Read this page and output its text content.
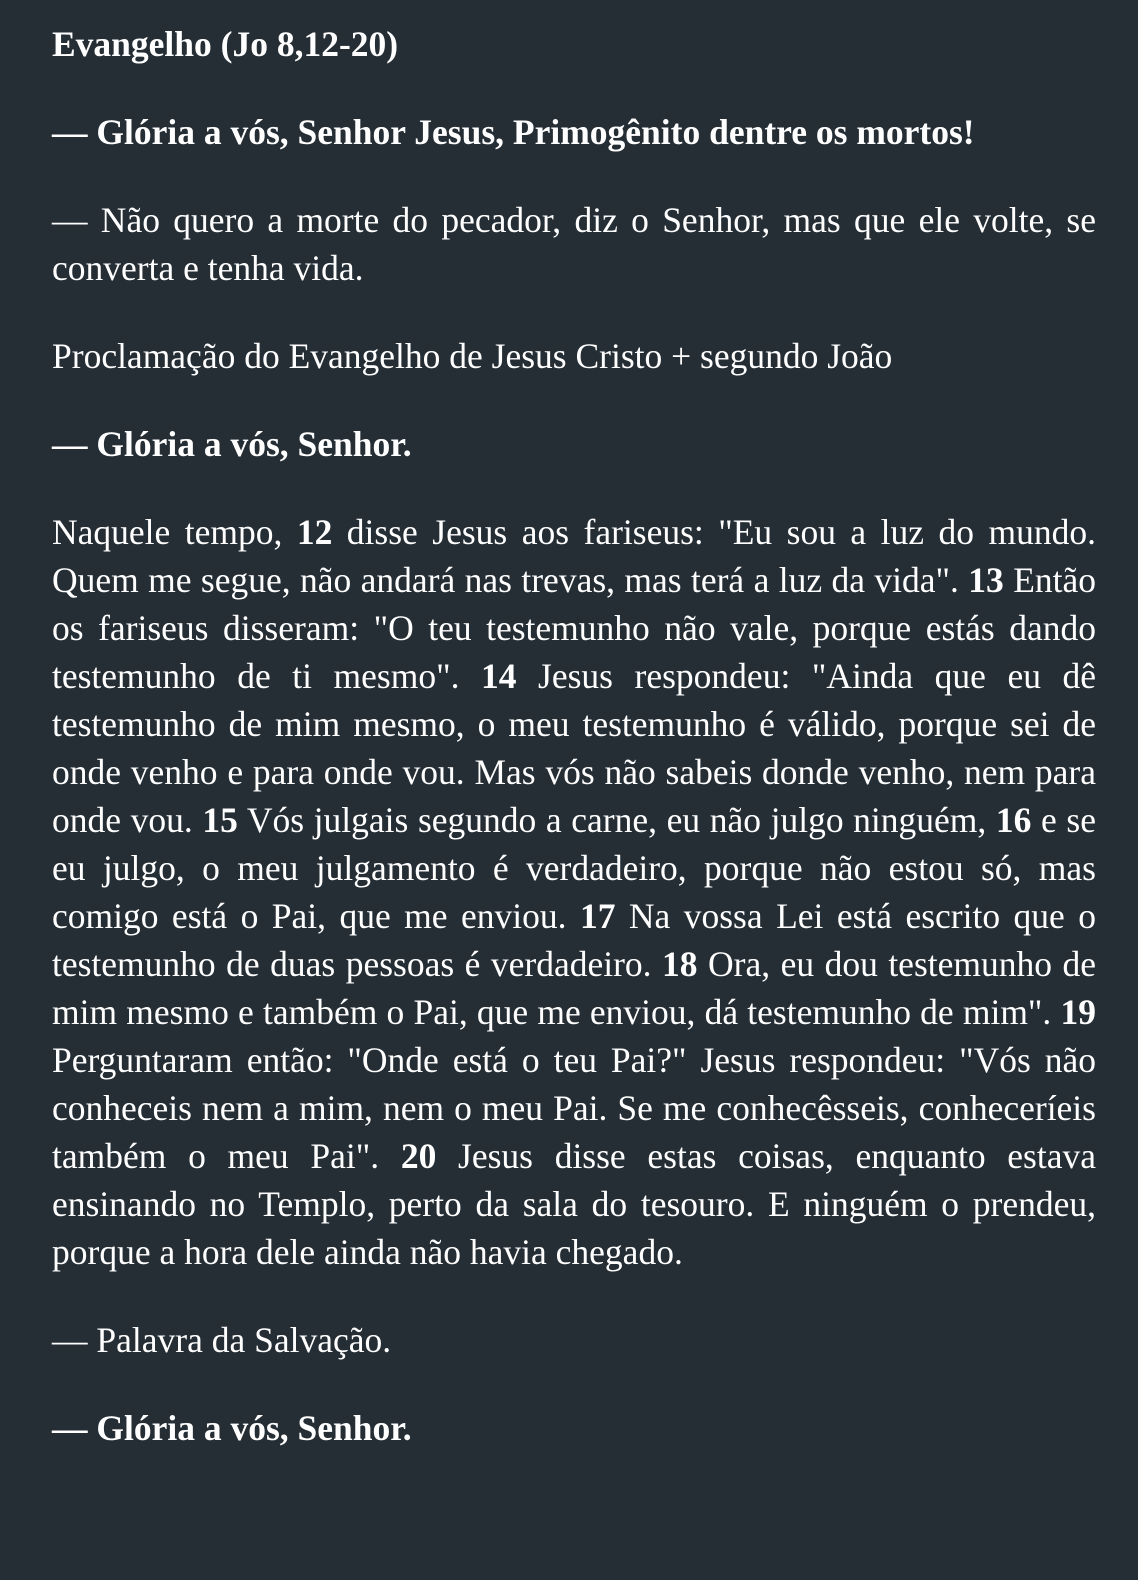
Evangelho (Jo 8,12-20)

— Glória a vós, Senhor Jesus, Primogênito dentre os mortos!

— Não quero a morte do pecador, diz o Senhor, mas que ele volte, se converta e tenha vida.

Proclamação do Evangelho de Jesus Cristo + segundo João

— Glória a vós, Senhor.

Naquele tempo, 12 disse Jesus aos fariseus: "Eu sou a luz do mundo. Quem me segue, não andará nas trevas, mas terá a luz da vida". 13 Então os fariseus disseram: "O teu testemunho não vale, porque estás dando testemunho de ti mesmo". 14 Jesus respondeu: "Ainda que eu dê testemunho de mim mesmo, o meu testemunho é válido, porque sei de onde venho e para onde vou. Mas vós não sabeis donde venho, nem para onde vou. 15 Vós julgais segundo a carne, eu não julgo ninguém, 16 e se eu julgo, o meu julgamento é verdadeiro, porque não estou só, mas comigo está o Pai, que me enviou. 17 Na vossa Lei está escrito que o testemunho de duas pessoas é verdadeiro. 18 Ora, eu dou testemunho de mim mesmo e também o Pai, que me enviou, dá testemunho de mim". 19 Perguntaram então: "Onde está o teu Pai?" Jesus respondeu: "Vós não conheceis nem a mim, nem o meu Pai. Se me conhecêsseis, conheceríeis também o meu Pai". 20 Jesus disse estas coisas, enquanto estava ensinando no Templo, perto da sala do tesouro. E ninguém o prendeu, porque a hora dele ainda não havia chegado.

— Palavra da Salvação.

— Glória a vós, Senhor.
